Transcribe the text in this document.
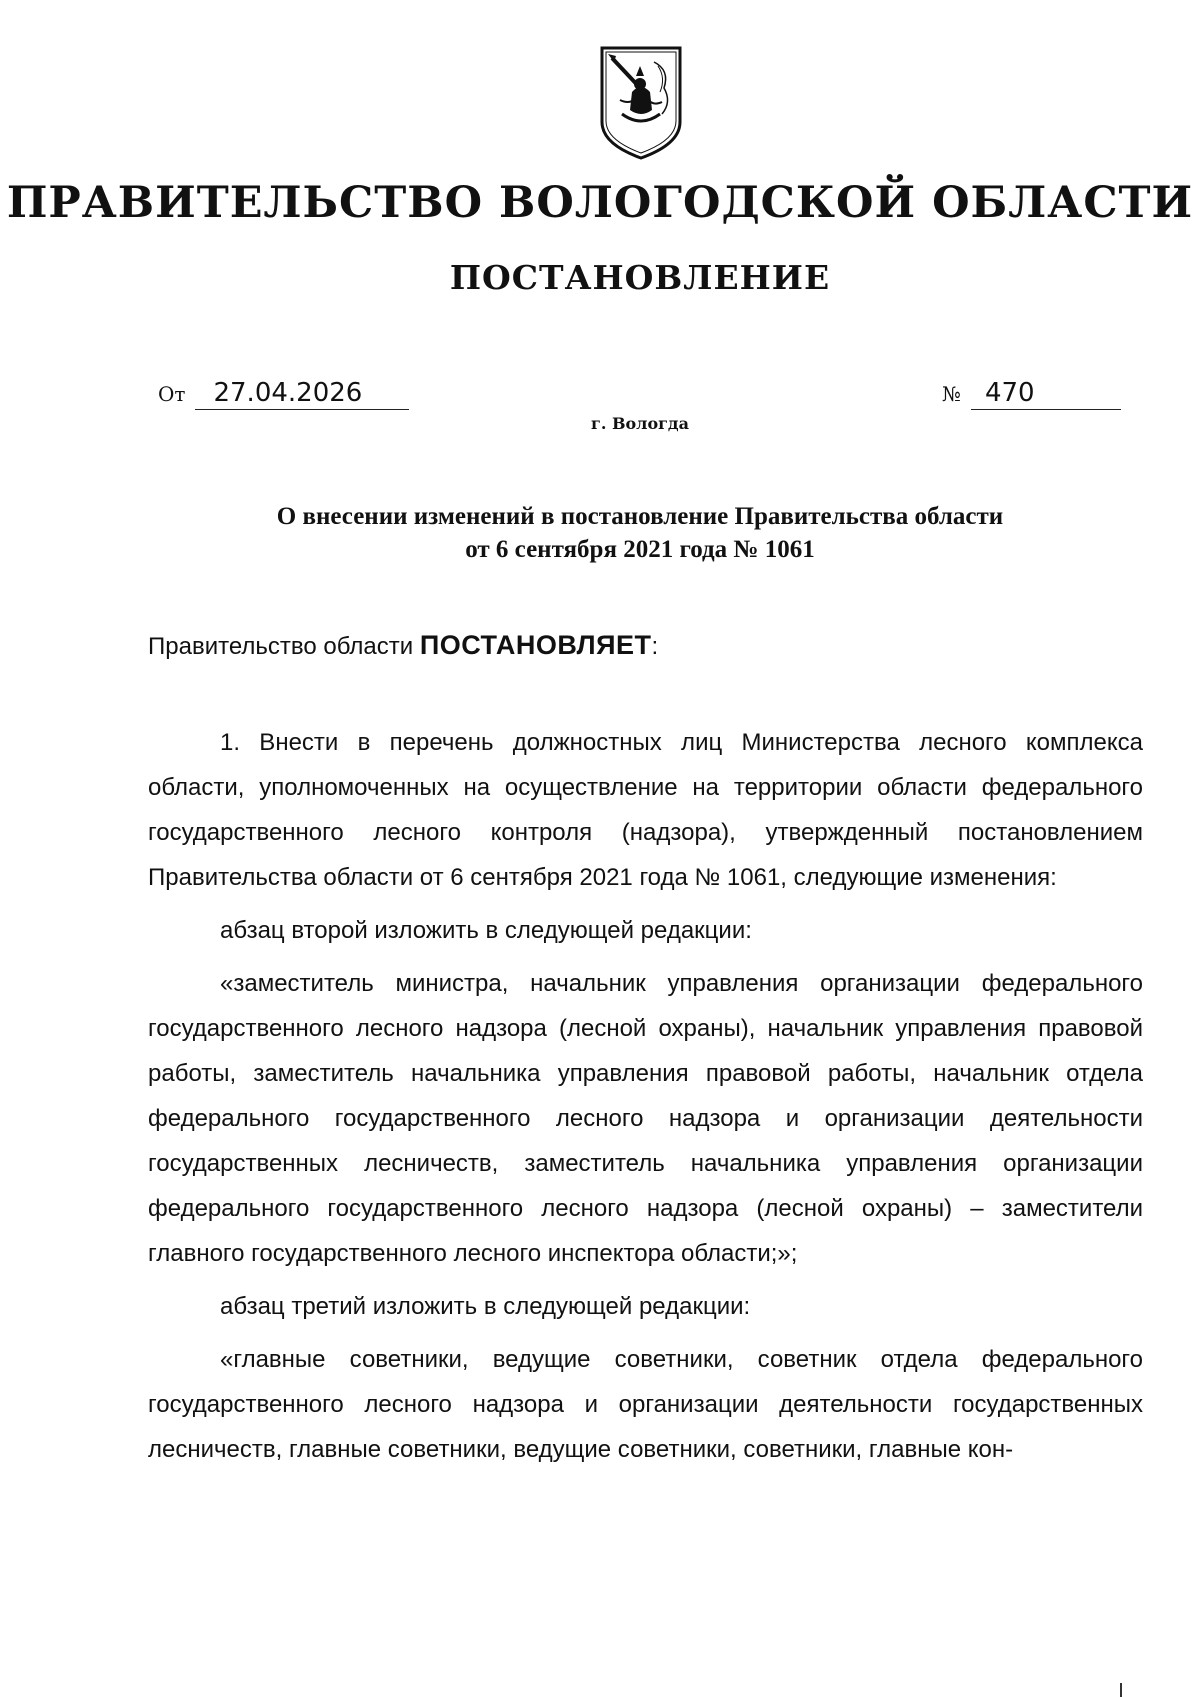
ПРАВИТЕЛЬСТВО ВОЛОГОДСКОЙ ОБЛАСТИ
ПОСТАНОВЛЕНИЕ
От 27.04.2026	№ 470
г. Вологда
О внесении изменений в постановление Правительства области
от 6 сентября 2021 года № 1061
Правительство области ПОСТАНОВЛЯЕТ:

1. Внести в перечень должностных лиц Министерства лесного комплекса области, уполномоченных на осуществление на территории области федерального государственного лесного контроля (надзора), утвержденный постановлением Правительства области от 6 сентября 2021 года № 1061, следующие изменения:

абзац второй изложить в следующей редакции:

«заместитель министра, начальник управления организации федерального государственного лесного надзора (лесной охраны), начальник управления правовой работы, заместитель начальника управления правовой работы, начальник отдела федерального государственного лесного надзора и организации деятельности государственных лесничеств, заместитель начальника управления организации федерального государственного лесного надзора (лесной охраны) – заместители главного государственного лесного инспектора области;»;

абзац третий изложить в следующей редакции:

«главные советники, ведущие советники, советник отдела федерального государственного лесного надзора и организации деятельности государственных лесничеств, главные советники, ведущие советники, советники, главные кон-
